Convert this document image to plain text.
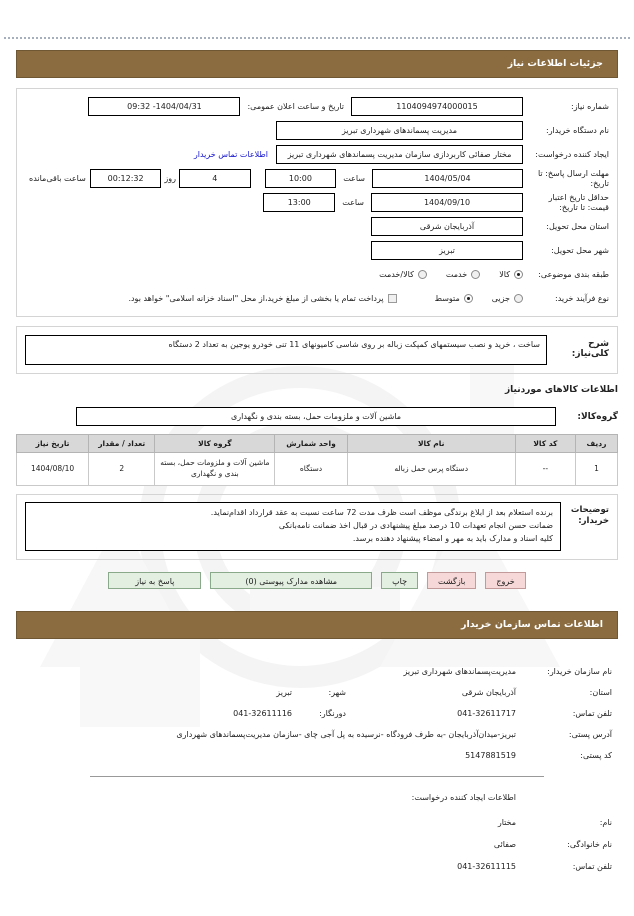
جزئیات اطلاعات نیاز
شماره نیاز:
1104094974000015
تاریخ و ساعت اعلان عمومی:
1404/04/31- 09:32
نام دستگاه خریدار:
مدیریت پسماندهای شهرداری تبریز
ایجاد کننده درخواست:
مختار صفائی کاربردازی سازمان مدیریت پسماندهای شهرداری تبریز
اطلاعات تماس خریدار
مهلت ارسال پاسخ: تا تاریخ:
1404/05/04
ساعت
10:00
4
روز
00:12:32
ساعت باقی‌مانده
حداقل تاریخ اعتبار قیمت: تا تاریخ:
1404/09/10
ساعت
13:00
استان محل تحویل:
آذربایجان شرقی
شهر محل تحویل:
تبریز
طبقه بندی موضوعی:
کالا
خدمت
کالا/خدمت
نوع فرآیند خرید:
جزیی
متوسط
پرداخت تمام یا بخشی از مبلغ خرید،از محل "اسناد خزانه اسلامی" خواهد بود.
شرح کلی‌نیاز:
ساخت ، خرید و نصب سیستمهای کمپکت زباله بر روی شاسی کامیونهای 11 تنی خودرو یوجین به تعداد 2 دستگاه
اطلاعات کالاهای موردنیاز
گروه‌کالا:
ماشین آلات و ملزومات حمل، بسته بندی و نگهداری
ردیف	کد کالا	نام کالا	واحد شمارش	گروه کالا	تعداد / مقدار	تاریخ نیاز
1	--	دستگاه پرس حمل زباله	دستگاه	ماشین آلات و ملزومات حمل، بسته بندی و نگهداری	2	1404/08/10
توضیحات خریدار:
برنده استعلام بعد از ابلاغ برندگی موظف است ظرف مدت 72 ساعت نسبت به عقد قرارداد اقدام‌نماید.
ضمانت حسن انجام تعهدات 10 درصد مبلغ پیشنهادی در قبال اخذ ضمانت نامه‌بانکی
کلیه اسناد و مدارک باید به مهر و امضاء پیشنهاد دهنده برسد.
خروج
بازگشت
چاپ
مشاهده مدارک پیوستی (0)
پاسخ به نیاز
اطلاعات تماس سازمان خریدار
نام سازمان خریدار:
مدیریت‌پسماندهای شهرداری تبریز
استان:
آذربایجان شرقی
شهر:
تبریز
تلفن تماس:
041-32611717
دورنگار:
041-32611116
آدرس پستی:
تبریز-میدان‌آذربایجان -به طرف فرودگاه -نرسیده به پل آجی چای -سازمان مدیریت‌پسماندهای شهرداری
کد پستی:
5147881519
اطلاعات ایجاد کننده درخواست:
نام:
مختار
نام خانوادگی:
صفائی
تلفن تماس:
041-32611115
